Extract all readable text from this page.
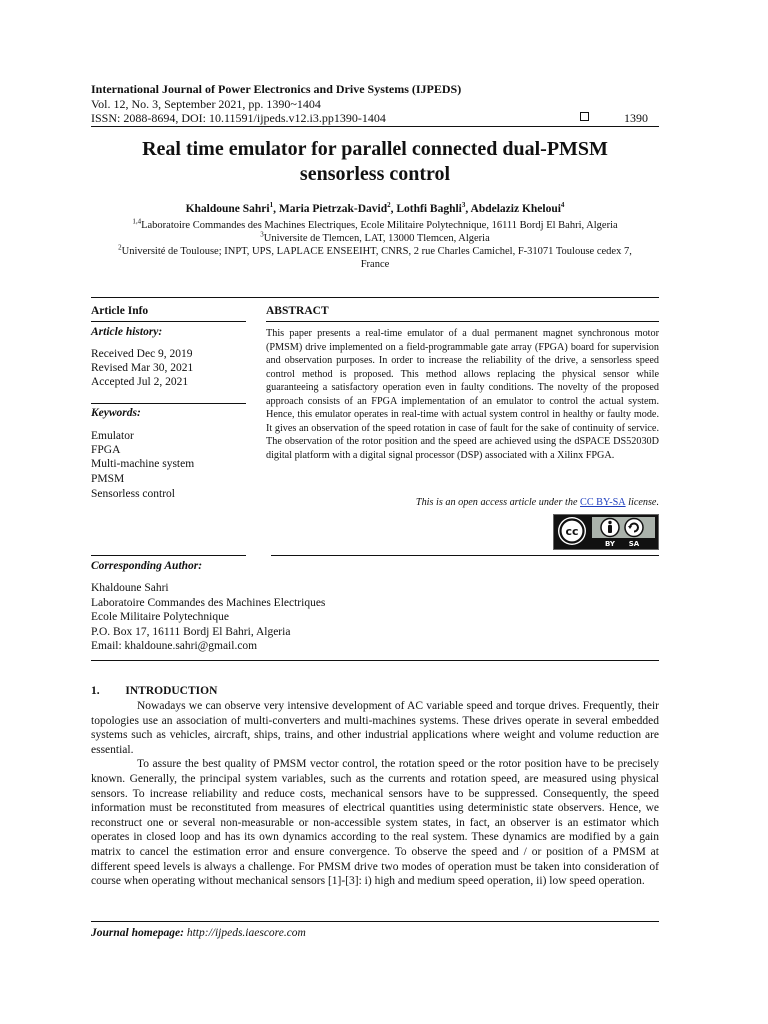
International Journal of Power Electronics and Drive Systems (IJPEDS)
Vol. 12, No. 3, September 2021, pp. 1390~1404
ISSN: 2088-8694, DOI: 10.11591/ijpeds.v12.i3.pp1390-1404	1390
Real time emulator for parallel connected dual-PMSM
sensorless control
Khaldoune Sahri$^1$, Maria Pietrzak-David$^2$, Lothfi Baghli$^3$, Abdelaziz Kheloui$^4$
$^{1,4}$Laboratoire Commandes des Machines Electriques, Ecole Militaire Polytechnique, 16111 Bordj El Bahri, Algeria
$^3$Universite de Tlemcen, LAT, 13000 Tlemcen, Algeria
$^2$Université de Toulouse; INPT, UPS, LAPLACE ENSEEIHT, CNRS, 2 rue Charles Camichel, F-31071 Toulouse cedex 7,
France
Article Info	ABSTRACT
Article history:
Received Dec 9, 2019
Revised Mar 30, 2021
Accepted Jul 2, 2021
Keywords:
Emulator
FPGA
Multi-machine system
PMSM
Sensorless control
This paper presents a real-time emulator of a dual permanent magnet synchronous motor (PMSM) drive implemented on a field-programmable gate array (FPGA) board for supervision and observation purposes. In order to increase the reliability of the drive, a sensorless speed control method is proposed. This method allows replacing the physical sensor while guaranteeing a satisfactory operation even in faulty conditions. The novelty of the proposed approach consists of an FPGA implementation of an emulator to control the actual system. Hence, this emulator operates in real-time with actual system control in healthy or faulty mode. It gives an observation of the speed rotation in case of fault for the sake of continuity of service. The observation of the rotor position and the speed are achieved using the dSPACE DS52030D digital platform with a digital signal processor (DSP) associated with a Xilinx FPGA.
This is an open access article under the CC BY-SA license.
cc
BY SA
Corresponding Author:
Khaldoune Sahri
Laboratoire Commandes des Machines Electriques
Ecole Militaire Polytechnique
P.O. Box 17, 16111 Bordj El Bahri, Algeria
Email: khaldoune.sahri@gmail.com
1. INTRODUCTION

Nowadays we can observe very intensive development of AC variable speed and torque drives. Frequently, their topologies use an association of multi-converters and multi-machines systems. These drives operate in several embedded systems such as vehicles, aircraft, ships, trains, and other industrial applications where weight and volume reduction are essential.

To assure the best quality of PMSM vector control, the rotation speed or the rotor position have to be precisely known. Generally, the principal system variables, such as the currents and rotation speed, are measured using physical sensors. To increase reliability and reduce costs, mechanical sensors have to be suppressed. Consequently, the speed information must be reconstituted from measures of electrical quantities using deterministic state observers. Hence, we reconstruct one or several non-measurable or non-accessible system states, in fact, an observer is an estimator which operates in closed loop and has its own dynamics according to the real system. These dynamics are modified by a gain matrix to cancel the estimation error and ensure convergence. To observe the speed and / or position of a PMSM at different speed levels is always a challenge. For PMSM drive two modes of operation must be taken into consideration of course when operating without mechanical sensors [1]-[3]: i) high and medium speed operation, ii) low speed operation.

Journal homepage: http://ijpeds.iaescore.com
